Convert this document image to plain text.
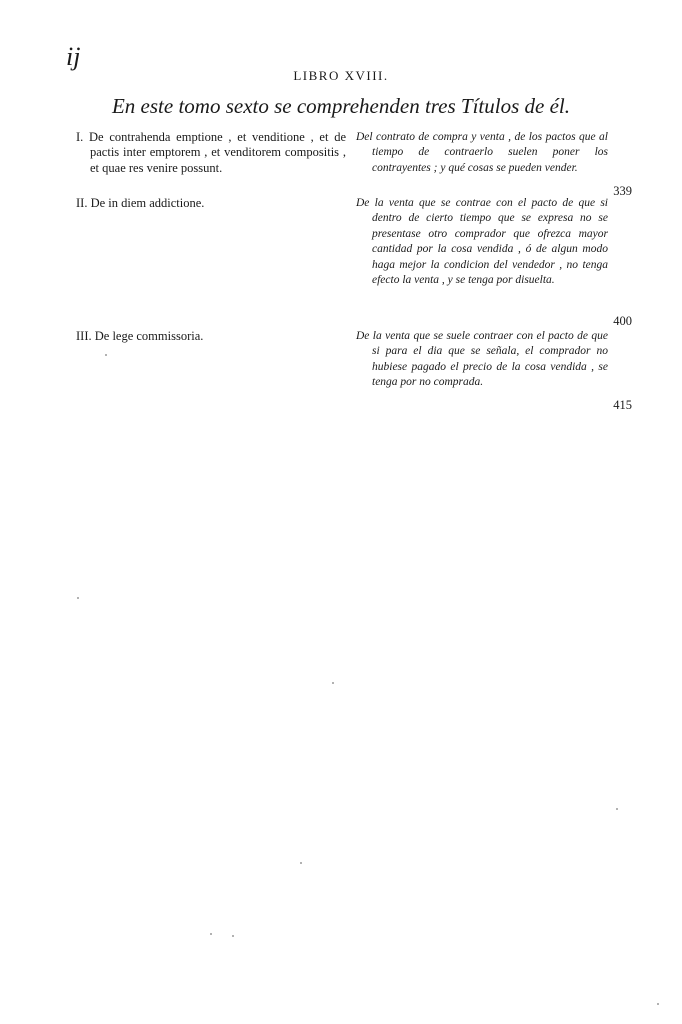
ij
LIBRO XVIII.
En este tomo sexto se comprehenden tres Títulos de él.
I. De contrahenda emptione , et venditione , et de pactis inter emptorem , et venditorem compositis , et quae res venire possunt.
Del contrato de compra y venta , de los pactos que al tiempo de contraerlo suelen poner los contrayentes ; y qué cosas se pueden vender.
339
II. De in diem addictione.	De la venta que se contrae con el pacto de que si dentro de cierto tiempo que se expresa no se presentase otro comprador que ofrezca mayor cantidad por la cosa vendida , ó de algun modo haga mejor la condicion del vendedor , no tenga efecto la venta , y se tenga por disuelta.
400
III. De lege commissoria.	De la venta que se suele contraer con el pacto de que si para el dia que se señala, el comprador no hubiese pagado el precio de la cosa vendida , se tenga por no comprada.
415
